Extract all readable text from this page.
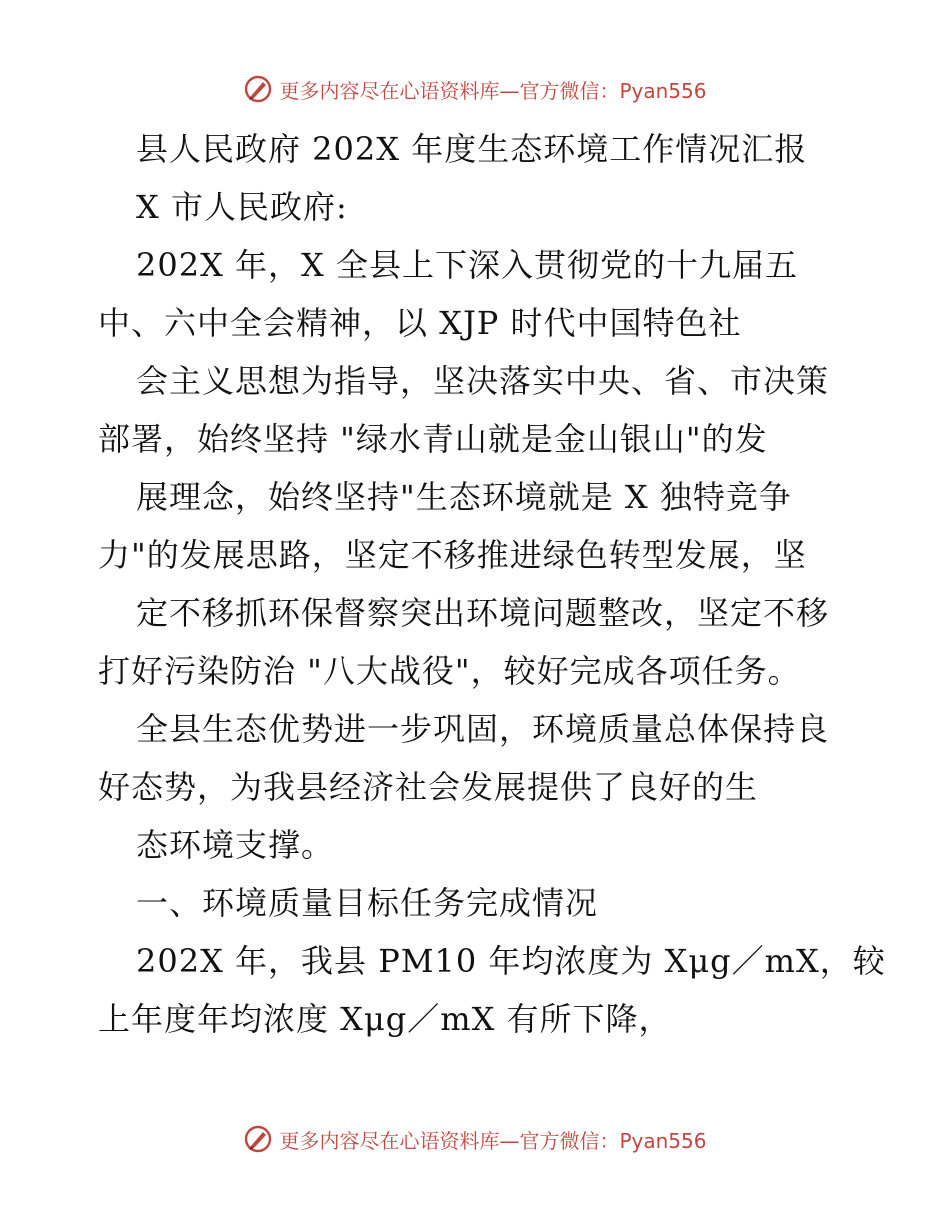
更多内容尽在心语资料库—官方微信：Pyan556
县人民政府 202X 年度生态环境工作情况汇报
X 市人民政府:
202X 年，X 全县上下深入贯彻党的十九届五
中、六中全会精神，以 XJP 时代中国特色社
会主义思想为指导，坚决落实中央、省、市决策
部署，始终坚持 "绿水青山就是金山银山"的发
展理念，始终坚持"生态环境就是 X 独特竞争
力"的发展思路，坚定不移推进绿色转型发展，坚
定不移抓环保督察突出环境问题整改，坚定不移
打好污染防治 "八大战役"，较好完成各项任务。
全县生态优势进一步巩固，环境质量总体保持良
好态势，为我县经济社会发展提供了良好的生
态环境支撑。
一、环境质量目标任务完成情况
202X 年，我县 PM10 年均浓度为 Xμg／mX，较
上年度年均浓度 Xμg／mX 有所下降，
更多内容尽在心语资料库—官方微信：Pyan556
